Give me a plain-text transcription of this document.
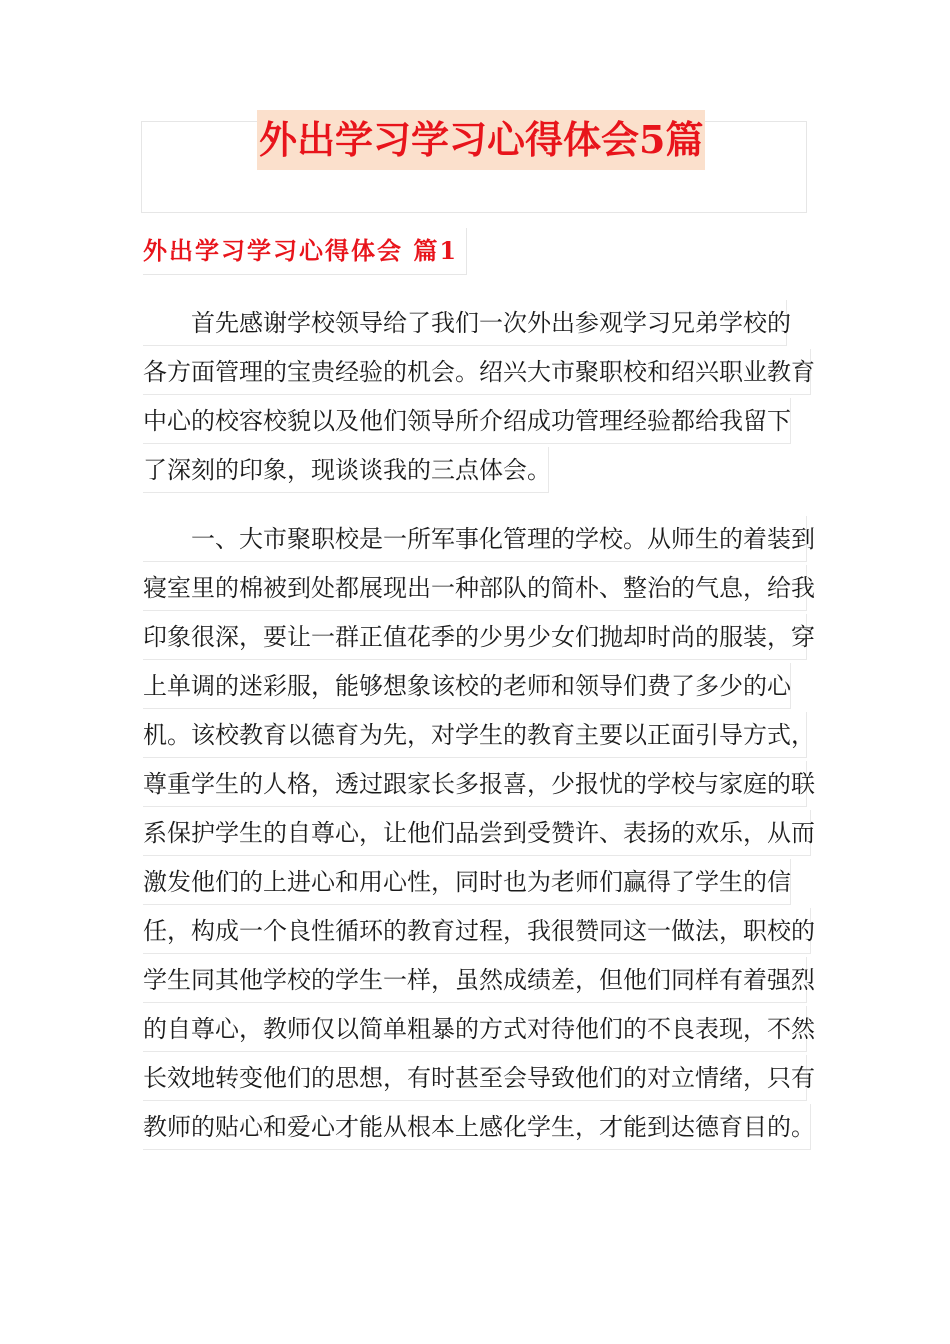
外出学习学习心得体会5篇
外出学习学习心得体会 篇1
首先感谢学校领导给了我们一次外出参观学习兄弟学校的
各方面管理的宝贵经验的机会。绍兴大市聚职校和绍兴职业教育
中心的校容校貌以及他们领导所介绍成功管理经验都给我留下
了深刻的印象，现谈谈我的三点体会。
一、大市聚职校是一所军事化管理的学校。从师生的着装到
寝室里的棉被到处都展现出一种部队的简朴、整治的气息，给我
印象很深，要让一群正值花季的少男少女们抛却时尚的服装，穿
上单调的迷彩服，能够想象该校的老师和领导们费了多少的心
机。该校教育以德育为先，对学生的教育主要以正面引导方式，
尊重学生的人格，透过跟家长多报喜，少报忧的学校与家庭的联
系保护学生的自尊心，让他们品尝到受赞许、表扬的欢乐，从而
激发他们的上进心和用心性，同时也为老师们赢得了学生的信
任，构成一个良性循环的教育过程，我很赞同这一做法，职校的
学生同其他学校的学生一样，虽然成绩差，但他们同样有着强烈
的自尊心，教师仅以简单粗暴的方式对待他们的不良表现，不然
长效地转变他们的思想，有时甚至会导致他们的对立情绪，只有
教师的贴心和爱心才能从根本上感化学生，才能到达德育目的。
